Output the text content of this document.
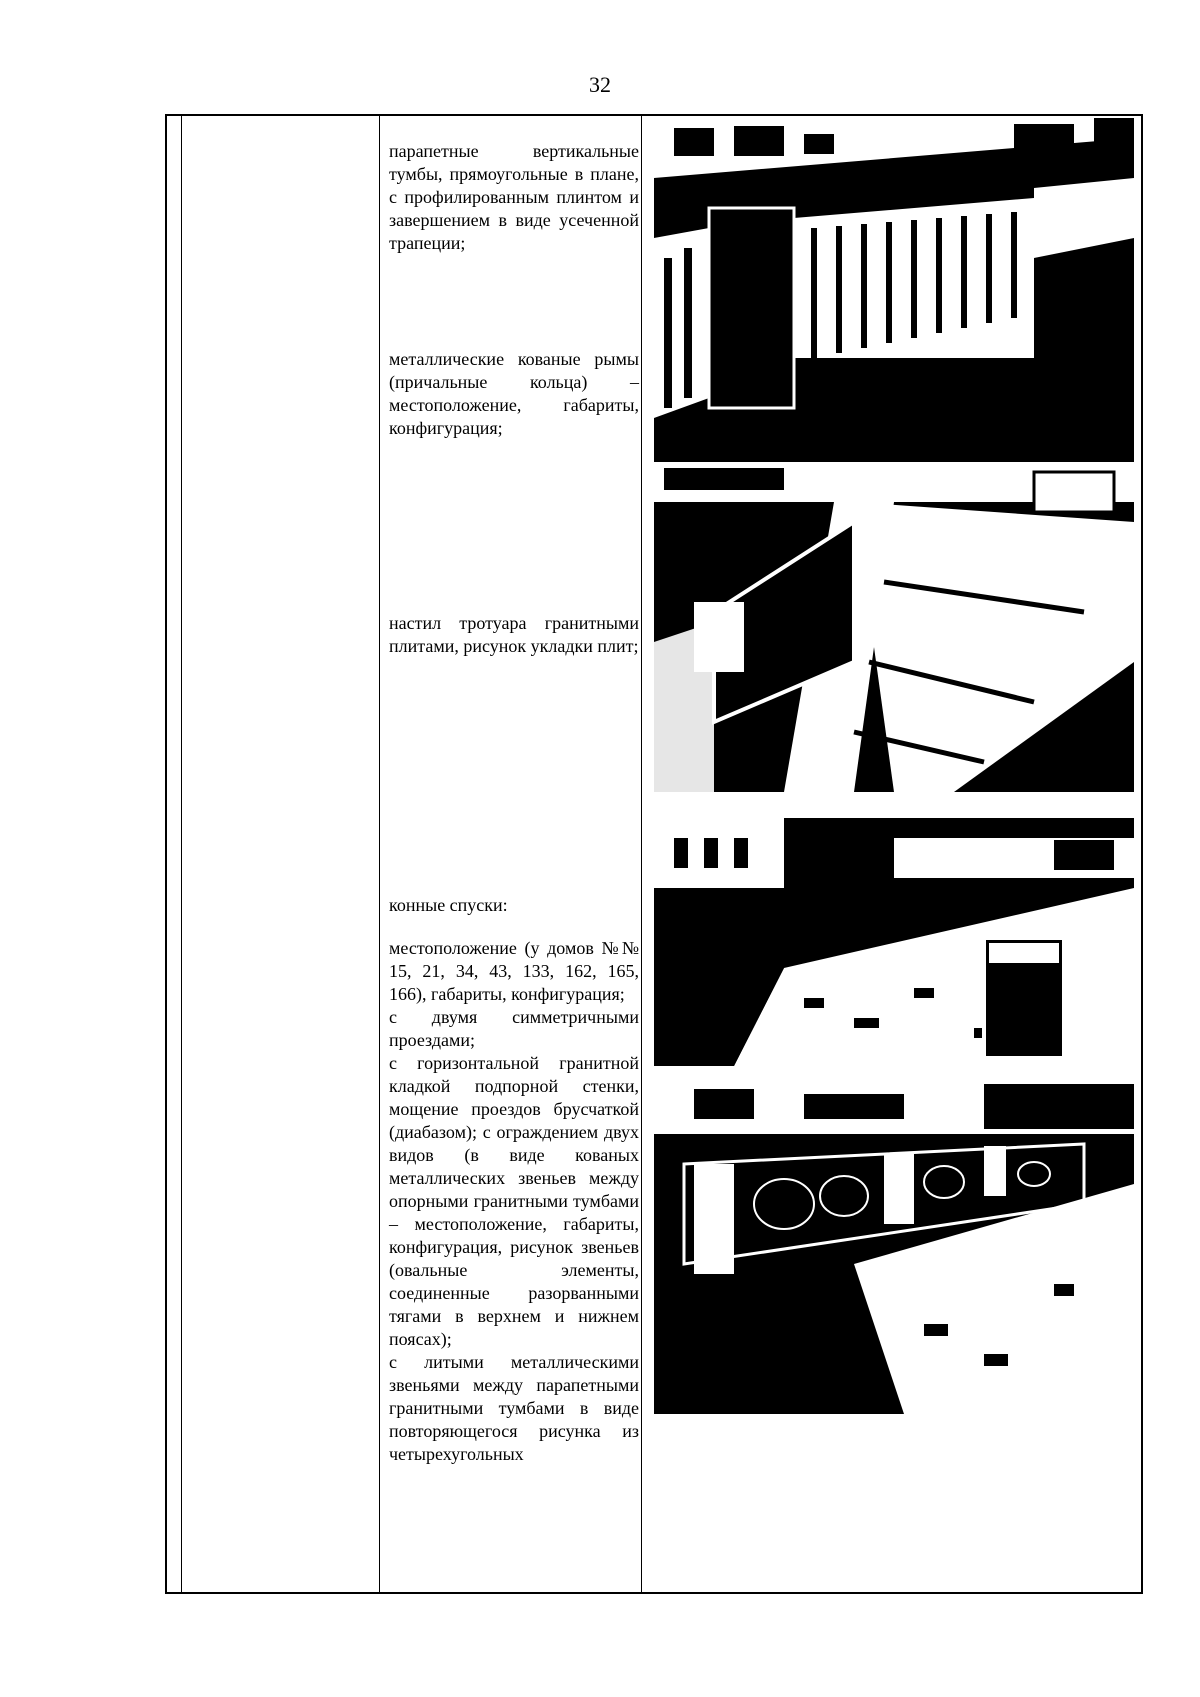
32

парапетные вертикальные тумбы, прямоугольные в плане, с профилированным плинтом и завершением в виде усеченной трапеции;

металлические кованые рымы (причальные кольца) – местоположение, габариты, конфигурация;

настил тротуара гранитными плитами, рисунок укладки плит;

конные спуски:

местоположение (у домов №№ 15, 21, 34, 43, 133, 162, 165, 166), габариты, конфигурация;

с двумя симметричными проездами;

с горизонтальной гранитной кладкой подпорной стенки, мощение проездов брусчаткой (диабазом); с ограждением двух видов (в виде кованых металлических звеньев между опорными гранитными тумбами – местоположение, габариты, конфигурация, рисунок звеньев (овальные элементы, соединенные разорванными тягами в верхнем и нижнем поясах);

с литыми металлическими звеньями между парапетными гранитными тумбами в виде повторяющегося рисунка из четырехугольных
